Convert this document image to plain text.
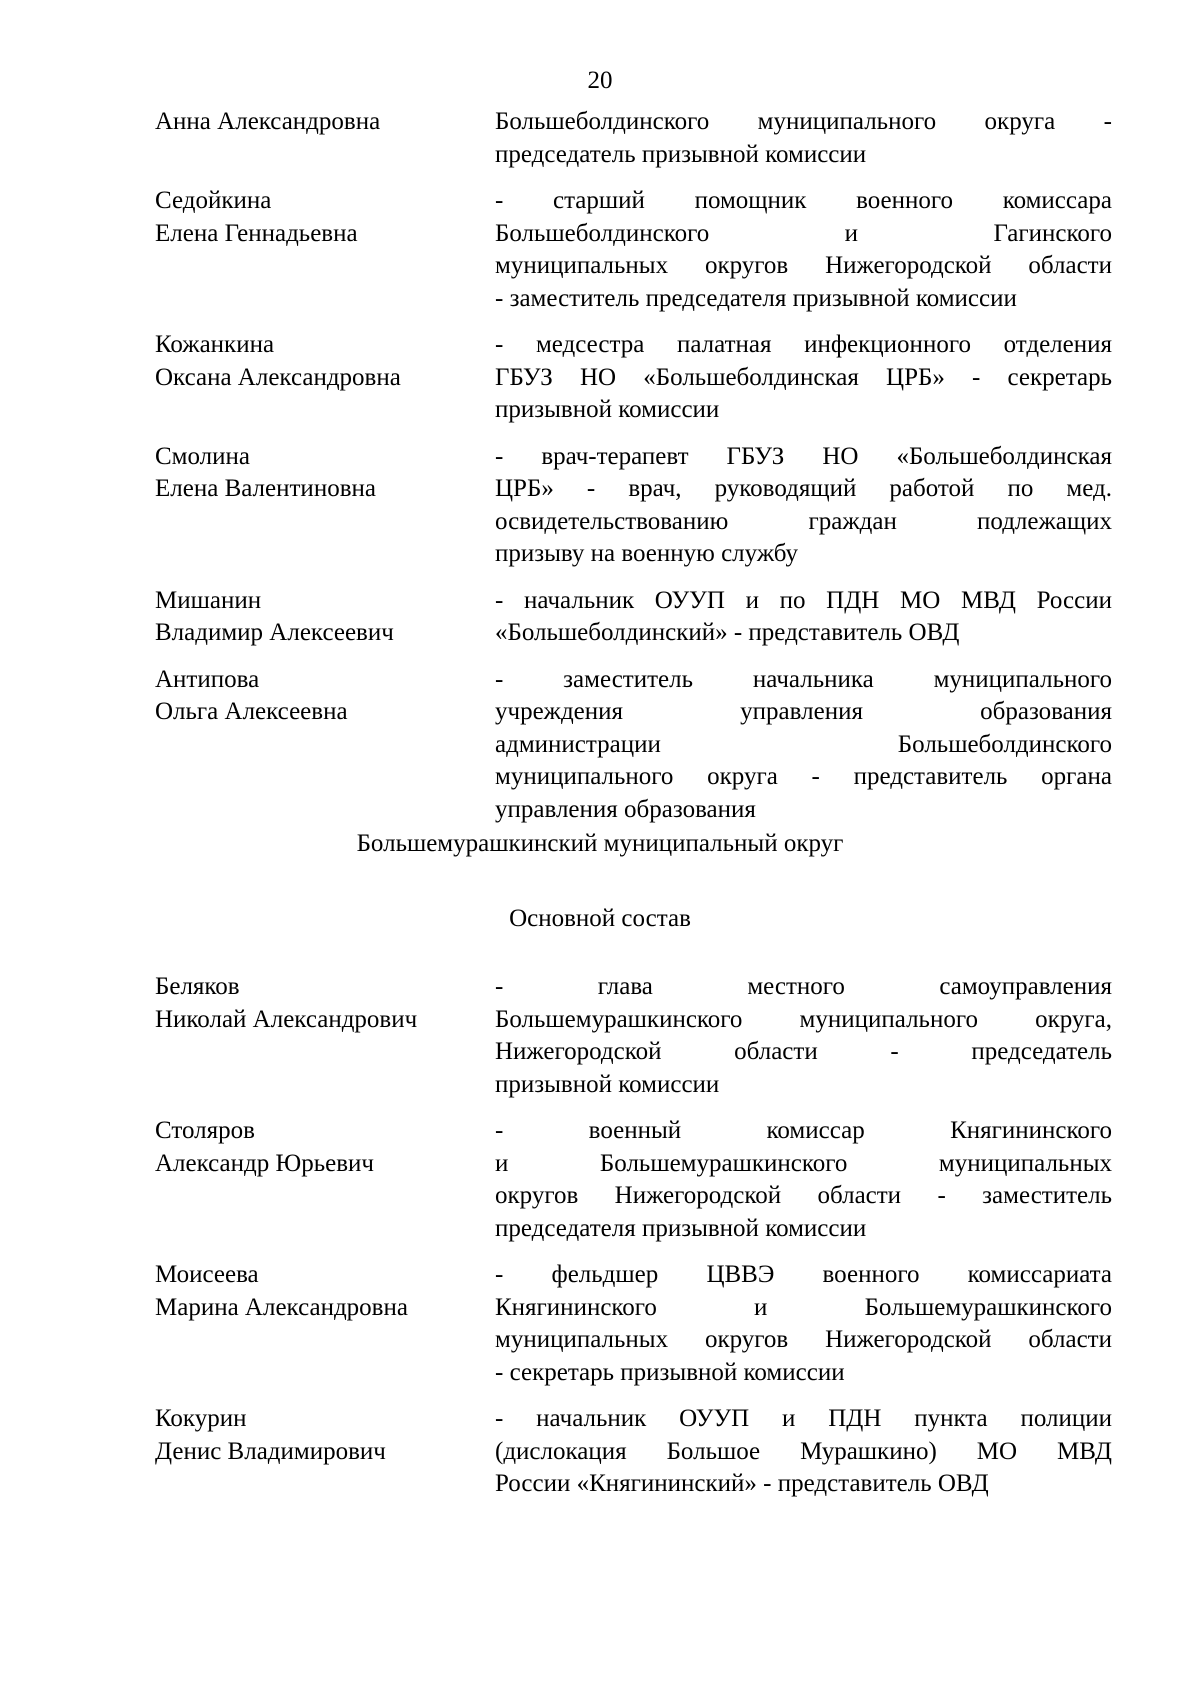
20
Анна Александровна	Большеболдинского муниципального округа -
председатель призывной комиссии
Седойкина
Елена Геннадьевна
- старший помощник военного комиссара
Большеболдинского и Гагинского
муниципальных округов Нижегородской области
- заместитель председателя призывной комиссии
Кожанкина
Оксана Александровна
- медсестра палатная инфекционного отделения
ГБУЗ НО «Большеболдинская ЦРБ» - секретарь
призывной комиссии
Смолина
Елена Валентиновна
- врач-терапевт ГБУЗ НО «Большеболдинская
ЦРБ» - врач, руководящий работой по мед.
освидетельствованию граждан подлежащих
призыву на военную службу
Мишанин
Владимир Алексеевич
- начальник ОУУП и по ПДН МО МВД России
«Большеболдинский» - представитель ОВД
Антипова
Ольга Алексеевна
- заместитель начальника муниципального
учреждения управления образования
администрации Большеболдинского
муниципального округа - представитель органа
управления образования
Большемурашкинский муниципальный округ
Основной состав
Беляков
Николай Александрович
- глава местного самоуправления
Большемурашкинского муниципального округа,
Нижегородской области - председатель
призывной комиссии
Столяров
Александр Юрьевич
- военный комиссар Княгининского
и Большемурашкинского муниципальных
округов Нижегородской области - заместитель
председателя призывной комиссии
Моисеева
Марина Александровна
- фельдшер ЦВВЭ военного комиссариата
Княгининского и Большемурашкинского
муниципальных округов Нижегородской области
- секретарь призывной комиссии
Кокурин
Денис Владимирович
- начальник ОУУП и ПДН пункта полиции
(дислокация Большое Мурашкино) МО МВД
России «Княгининский» - представитель ОВД
